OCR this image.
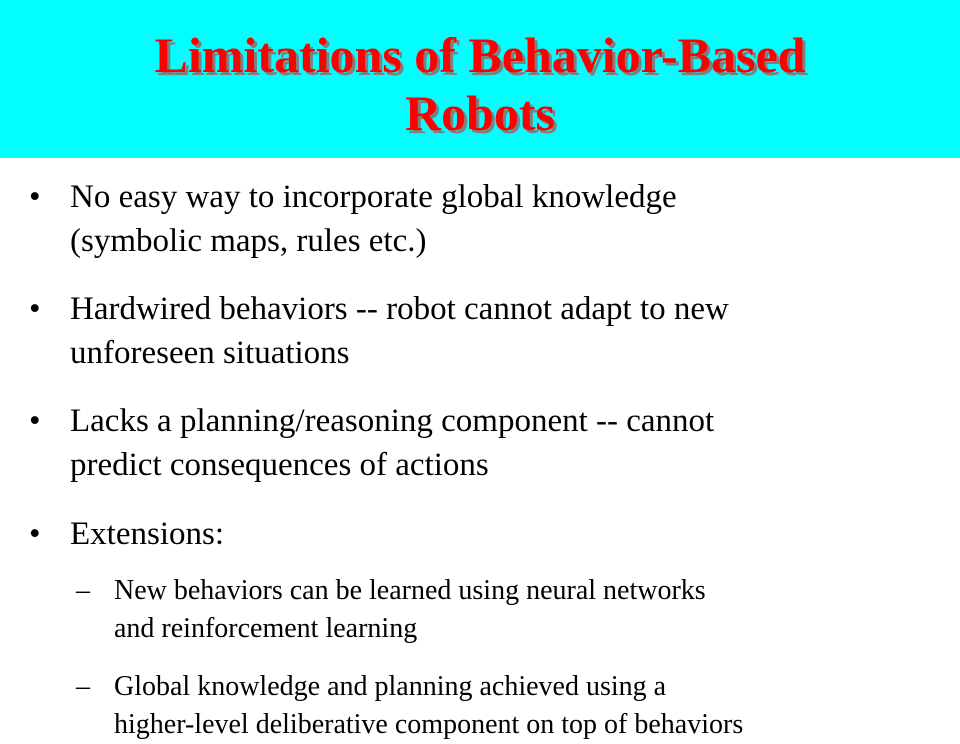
Limitations of Behavior-Based
Robots
• No easy way to incorporate global knowledge
(symbolic maps, rules etc.)
• Hardwired behaviors -- robot cannot adapt to new
unforeseen situations
• Lacks a planning/reasoning component -- cannot
predict consequences of actions
• Extensions:
– New behaviors can be learned using neural networks
and reinforcement learning
– Global knowledge and planning achieved using a
higher-level deliberative component on top of behaviors
